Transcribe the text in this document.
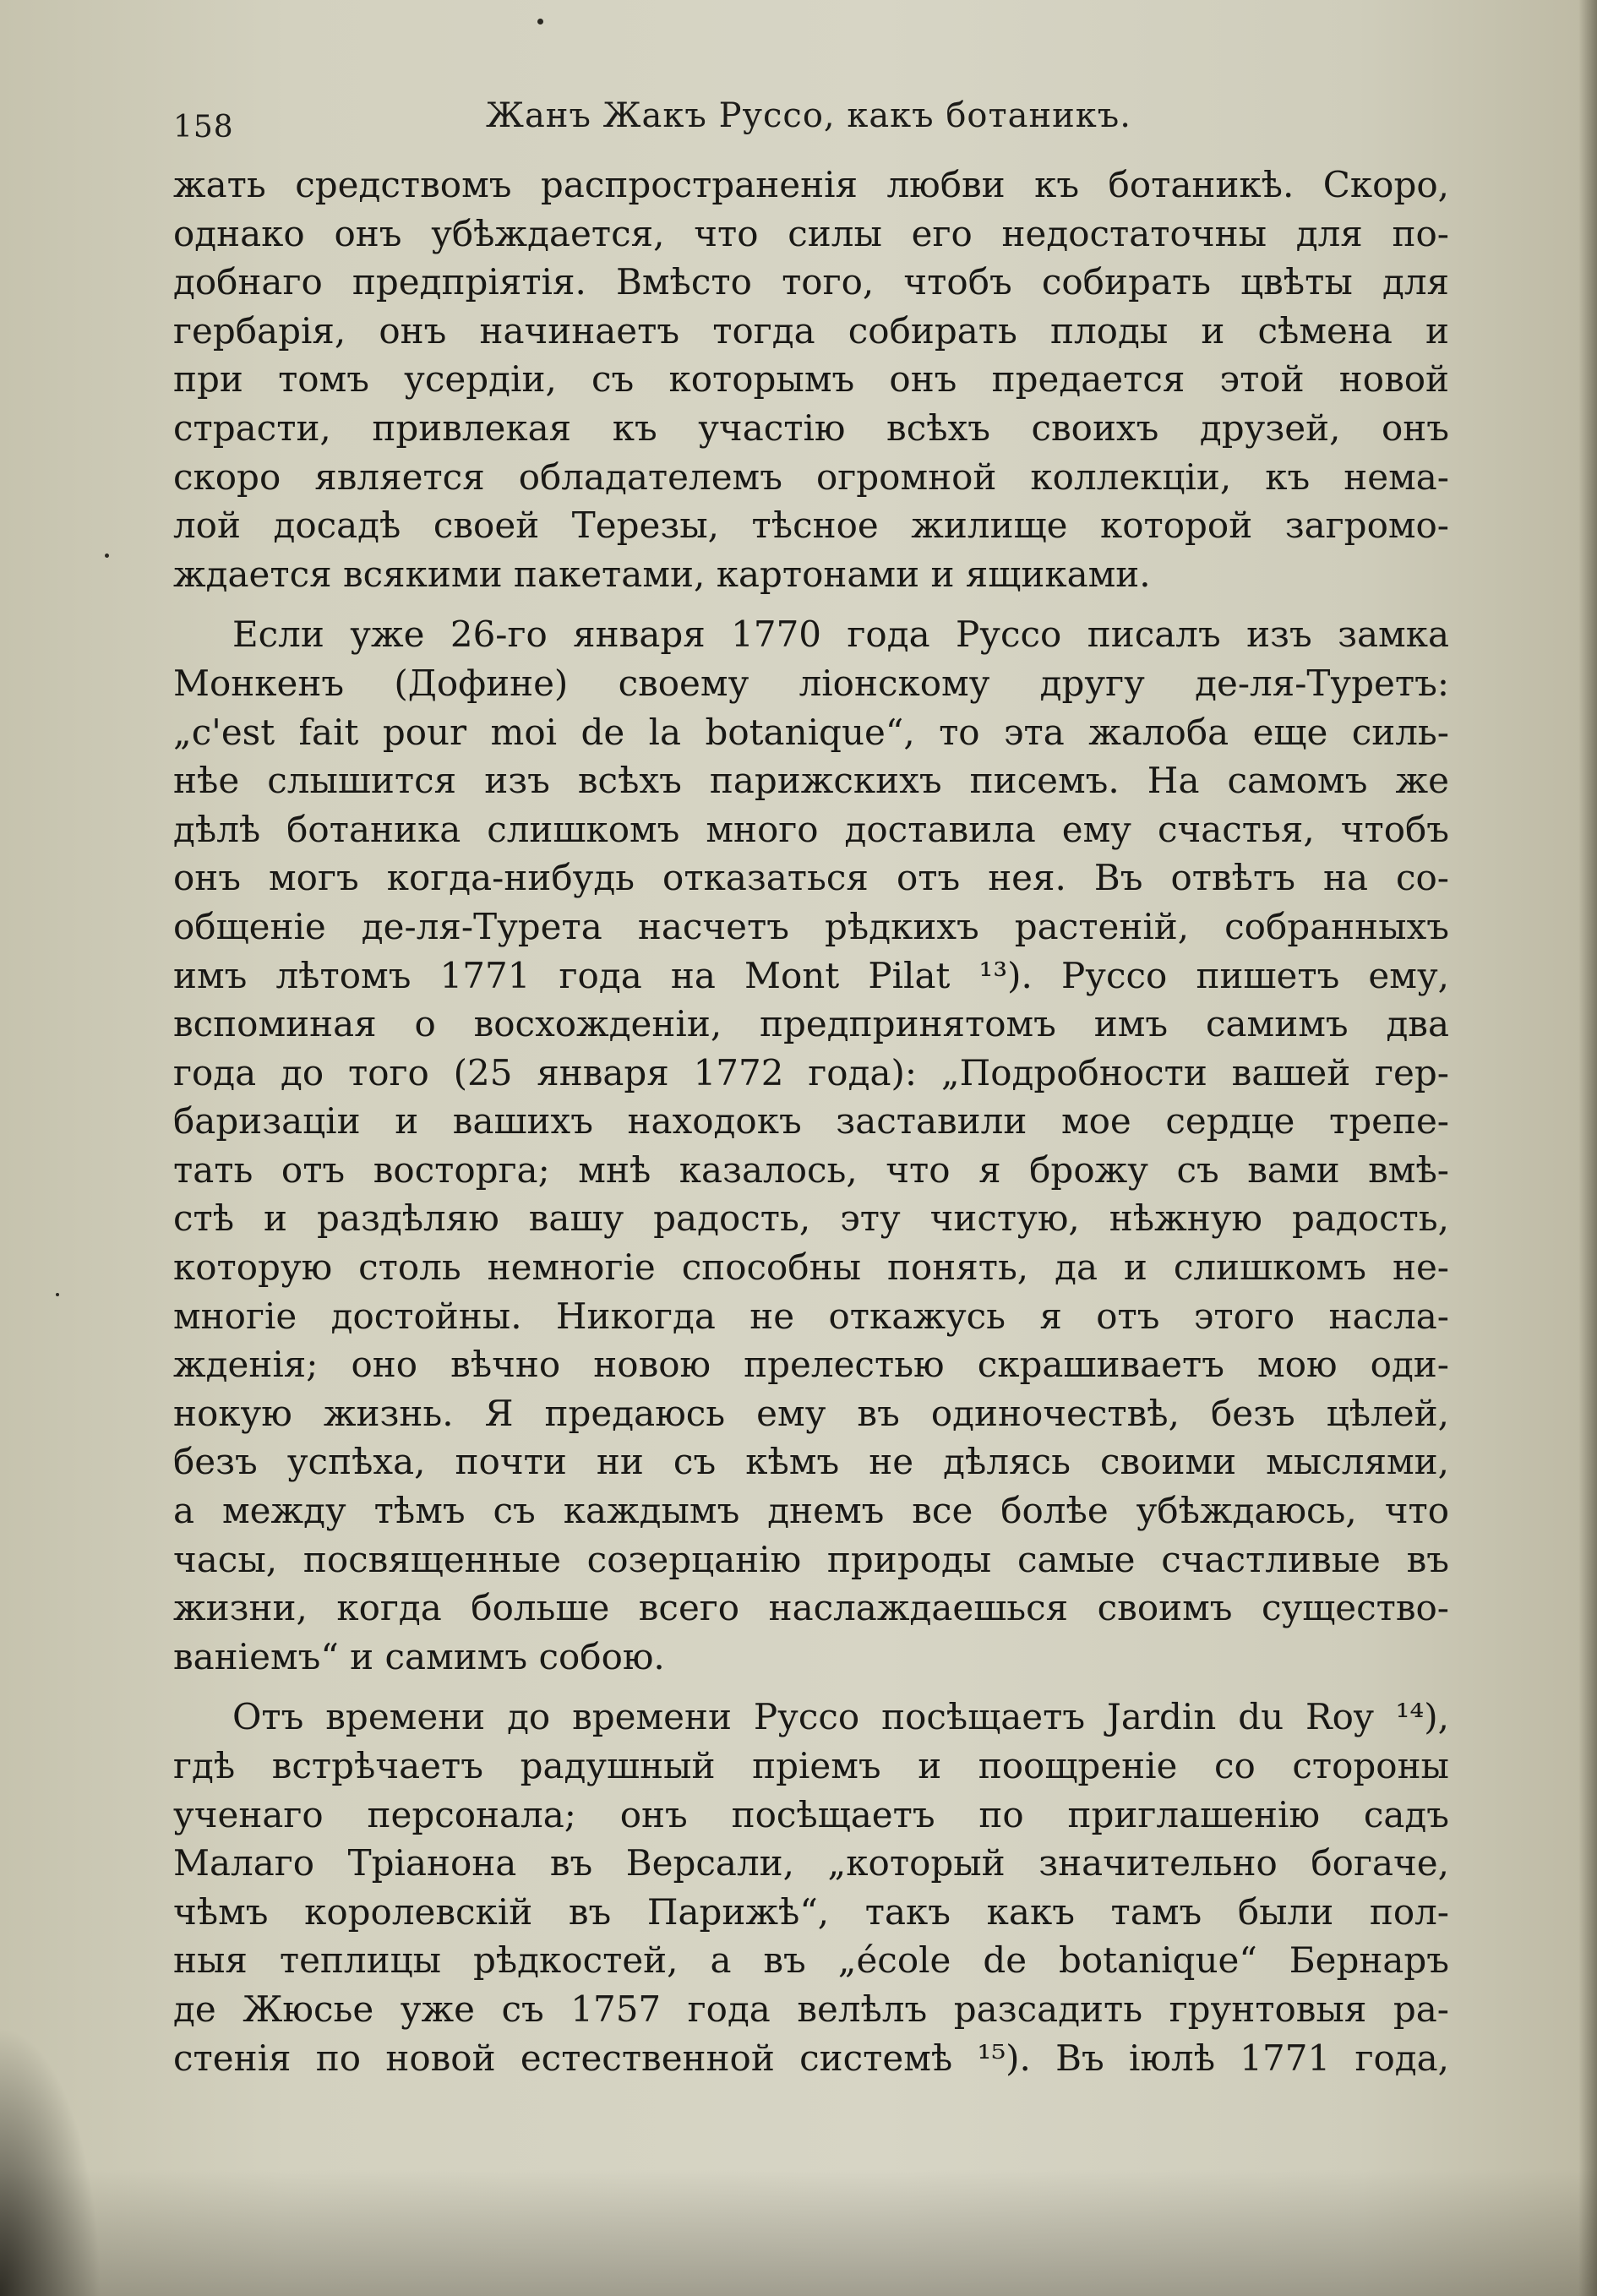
158	Жанъ Жакъ Руссо, какъ ботаникъ.
жать средствомъ распространенія любви къ ботаникѣ. Скоро,
однако онъ убѣждается, что силы его недостаточны для по-
добнаго предпріятія. Вмѣсто того, чтобъ собирать цвѣты для
гербарія, онъ начинаетъ тогда собирать плоды и сѣмена и
при томъ усердіи, съ которымъ онъ предается этой новой
страсти, привлекая къ участію всѣхъ своихъ друзей, онъ
скоро является обладателемъ огромной коллекціи, къ нема-
лой досадѣ своей Терезы, тѣсное жилище которой загромо-
ждается всякими пакетами, картонами и ящиками.
Если уже 26-го января 1770 года Руссо писалъ изъ замка
Монкенъ (Дофине) своему ліонскому другу де-ля-Туретъ:
„c'est fait pour moi de la botanique“, то эта жалоба еще силь-
нѣе слышится изъ всѣхъ парижскихъ писемъ. На самомъ же
дѣлѣ ботаника слишкомъ много доставила ему счастья, чтобъ
онъ могъ когда-нибудь отказаться отъ нея. Въ отвѣтъ на со-
общеніе де-ля-Турета насчетъ рѣдкихъ растеній, собранныхъ
имъ лѣтомъ 1771 года на Mont Pilat ¹³). Руссо пишетъ ему,
вспоминая о восхожденіи, предпринятомъ имъ самимъ два
года до того (25 января 1772 года): „Подробности вашей гер-
баризаціи и вашихъ находокъ заставили мое сердце трепе-
тать отъ восторга; мнѣ казалось, что я брожу съ вами вмѣ-
стѣ и раздѣляю вашу радость, эту чистую, нѣжную радость,
которую столь немногіе способны понять, да и слишкомъ не-
многіе достойны. Никогда не откажусь я отъ этого насла-
жденія; оно вѣчно новою прелестью скрашиваетъ мою оди-
нокую жизнь. Я предаюсь ему въ одиночествѣ, безъ цѣлей,
безъ успѣха, почти ни съ кѣмъ не дѣлясь своими мыслями,
а между тѣмъ съ каждымъ днемъ все болѣе убѣждаюсь, что
часы, посвященные созерцанію природы самые счастливые въ
жизни, когда больше всего наслаждаешься своимъ существо-
ваніемъ“ и самимъ собою.
Отъ времени до времени Руссо посѣщаетъ Jardin du Roy ¹⁴),
гдѣ встрѣчаетъ радушный пріемъ и поощреніе со стороны
ученаго персонала; онъ посѣщаетъ по приглашенію садъ
Малаго Тріанона въ Версали, „который значительно богаче,
чѣмъ королевскій въ Парижѣ“, такъ какъ тамъ были пол-
ныя теплицы рѣдкостей, а въ „école de botanique“ Бернаръ
де Жюсье уже съ 1757 года велѣлъ разсадить грунтовыя ра-
стенія по новой естественной системѣ ¹⁵). Въ іюлѣ 1771 года,
